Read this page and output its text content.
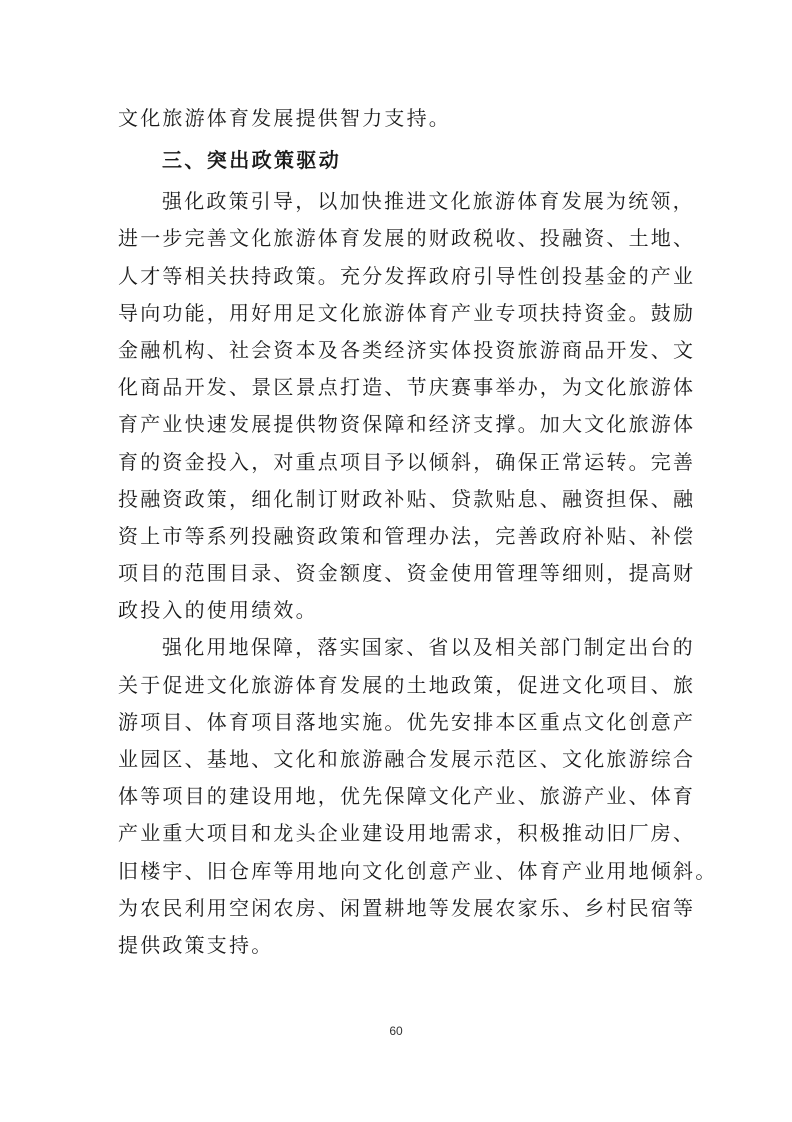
文化旅游体育发展提供智力支持。
三、突出政策驱动
强化政策引导，以加快推进文化旅游体育发展为统领，
进一步完善文化旅游体育发展的财政税收、投融资、土地、
人才等相关扶持政策。充分发挥政府引导性创投基金的产业
导向功能，用好用足文化旅游体育产业专项扶持资金。鼓励
金融机构、社会资本及各类经济实体投资旅游商品开发、文
化商品开发、景区景点打造、节庆赛事举办，为文化旅游体
育产业快速发展提供物资保障和经济支撑。加大文化旅游体
育的资金投入，对重点项目予以倾斜，确保正常运转。完善
投融资政策，细化制订财政补贴、贷款贴息、融资担保、融
资上市等系列投融资政策和管理办法，完善政府补贴、补偿
项目的范围目录、资金额度、资金使用管理等细则，提高财
政投入的使用绩效。
强化用地保障，落实国家、省以及相关部门制定出台的
关于促进文化旅游体育发展的土地政策，促进文化项目、旅
游项目、体育项目落地实施。优先安排本区重点文化创意产
业园区、基地、文化和旅游融合发展示范区、文化旅游综合
体等项目的建设用地，优先保障文化产业、旅游产业、体育
产业重大项目和龙头企业建设用地需求，积极推动旧厂房、
旧楼宇、旧仓库等用地向文化创意产业、体育产业用地倾斜。
为农民利用空闲农房、闲置耕地等发展农家乐、乡村民宿等
提供政策支持。
60
